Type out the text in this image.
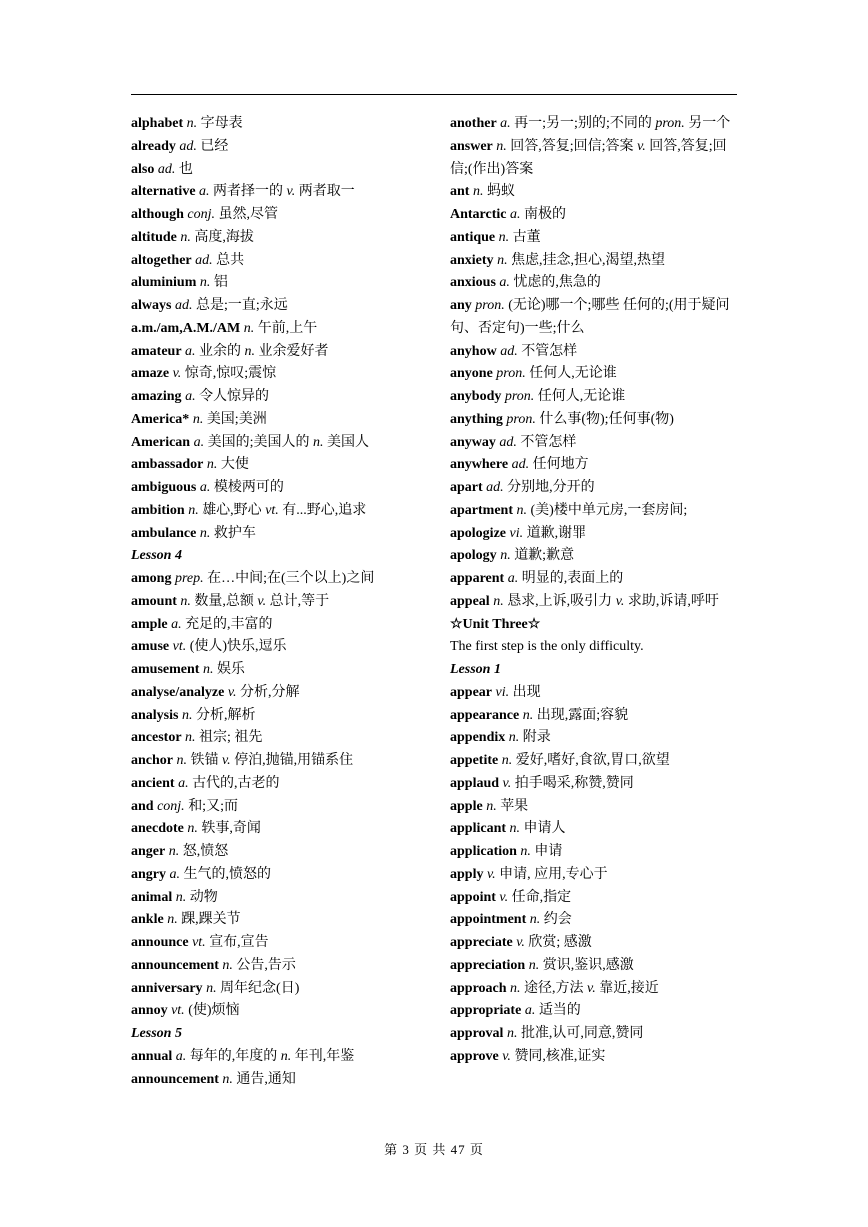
alphabet n. 字母表
already ad. 已经
also ad. 也
alternative a. 两者择一的 v. 两者取一
although conj. 虽然,尽管
altitude n. 高度,海拔
altogether ad. 总共
aluminium n. 铝
always ad. 总是;一直;永远
a.m./am,A.M./AM n. 午前,上午
amateur a. 业余的 n. 业余爱好者
amaze v. 惊奇,惊叹;震惊
amazing a. 令人惊异的
America* n. 美国;美洲
American a. 美国的;美国人的 n. 美国人
ambassador n. 大使
ambiguous a. 模棱两可的
ambition n. 雄心,野心 vt. 有...野心,追求
ambulance n. 救护车
Lesson 4
among prep. 在…中间;在(三个以上)之间
amount n. 数量,总额 v. 总计,等于
ample a. 充足的,丰富的
amuse vt. (使人)快乐,逗乐
amusement n. 娱乐
analyse/analyze v. 分析,分解
analysis n. 分析,解析
ancestor n. 祖宗; 祖先
anchor n. 铁锚 v. 停泊,抛锚,用锚系住
ancient a. 古代的,古老的
and conj. 和;又;而
anecdote n. 轶事,奇闻
anger n. 怒,愤怒
angry a. 生气的,愤怒的
animal n. 动物
ankle n. 踝,踝关节
announce vt. 宣布,宣告
announcement n. 公告,告示
anniversary n. 周年纪念(日)
annoy vt. (使)烦恼
Lesson 5
annual a. 每年的,年度的 n. 年刊,年鉴
announcement n. 通告,通知
another a. 再一;另一;别的;不同的 pron. 另一个
answer n. 回答,答复;回信;答案 v. 回答,答复;回信;(作出)答案
ant n. 蚂蚁
Antarctic a. 南极的
antique n. 古董
anxiety n. 焦虑,挂念,担心,渴望,热望
anxious a. 忧虑的,焦急的
any pron. (无论)哪一个;哪些 任何的;(用于疑问句、否定句)一些;什么
anyhow ad. 不管怎样
anyone pron. 任何人,无论谁
anybody pron. 任何人,无论谁
anything pron. 什么事(物);任何事(物)
anyway ad. 不管怎样
anywhere ad. 任何地方
apart ad. 分别地,分开的
apartment n. (美)楼中单元房,一套房间;
apologize vi. 道歉,谢罪
apology n. 道歉;歉意
apparent a. 明显的,表面上的
appeal n. 恳求,上诉,吸引力 v. 求助,诉请,呼吁
☆Unit Three☆
The first step is the only difficulty.
Lesson 1
appear vi. 出现
appearance n. 出现,露面;容貌
appendix n. 附录
appetite n. 爱好,嗜好,食欲,胃口,欲望
applaud v. 拍手喝采,称赞,赞同
apple n. 苹果
applicant n. 申请人
application n. 申请
apply v. 申请, 应用,专心于
appoint v. 任命,指定
appointment n. 约会
appreciate v. 欣赏; 感激
appreciation n. 赏识,鉴识,感激
approach n. 途径,方法 v. 靠近,接近
appropriate a. 适当的
approval n. 批准,认可,同意,赞同
approve v. 赞同,核准,证实
第 3 页 共 47 页
